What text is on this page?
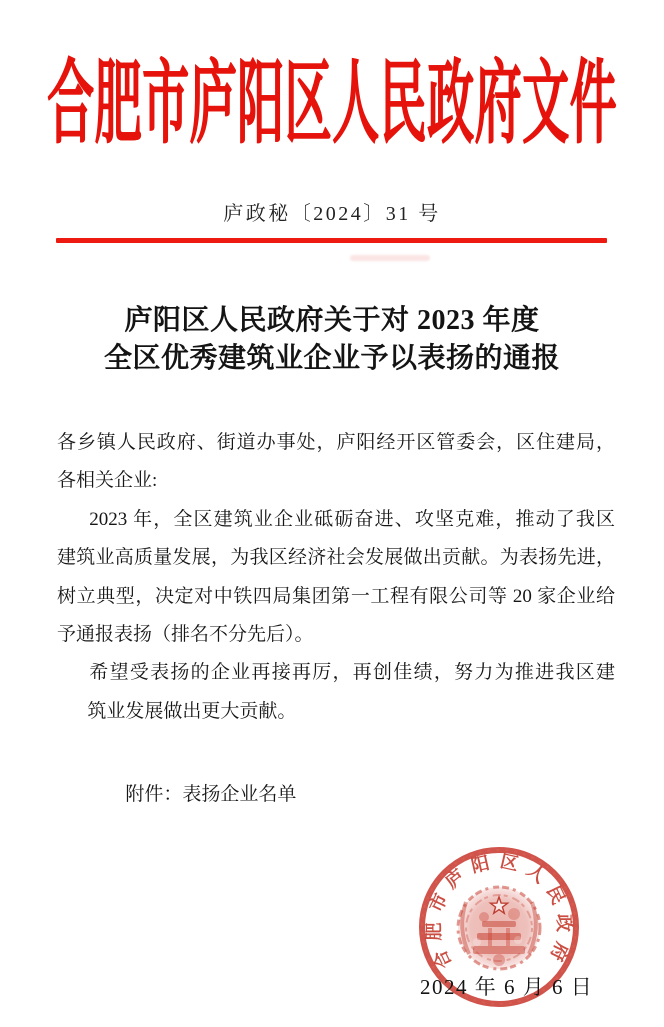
合肥市庐阳区人民政府文件
庐政秘〔2024〕31 号
庐阳区人民政府关于对 2023 年度
全区优秀建筑业企业予以表扬的通报
各乡镇人民政府、街道办事处，庐阳经开区管委会，区住建局，
各相关企业:
2023 年，全区建筑业企业砥砺奋进、攻坚克难，推动了我区
建筑业高质量发展，为我区经济社会发展做出贡献。为表扬先进，
树立典型，决定对中铁四局集团第一工程有限公司等 20 家企业给
予通报表扬（排名不分先后）。
希望受表扬的企业再接再厉，再创佳绩，努力为推进我区建
筑业发展做出更大贡献。
附件：表扬企业名单
2024 年 6 月 6 日
合肥市庐阳区人民政府
